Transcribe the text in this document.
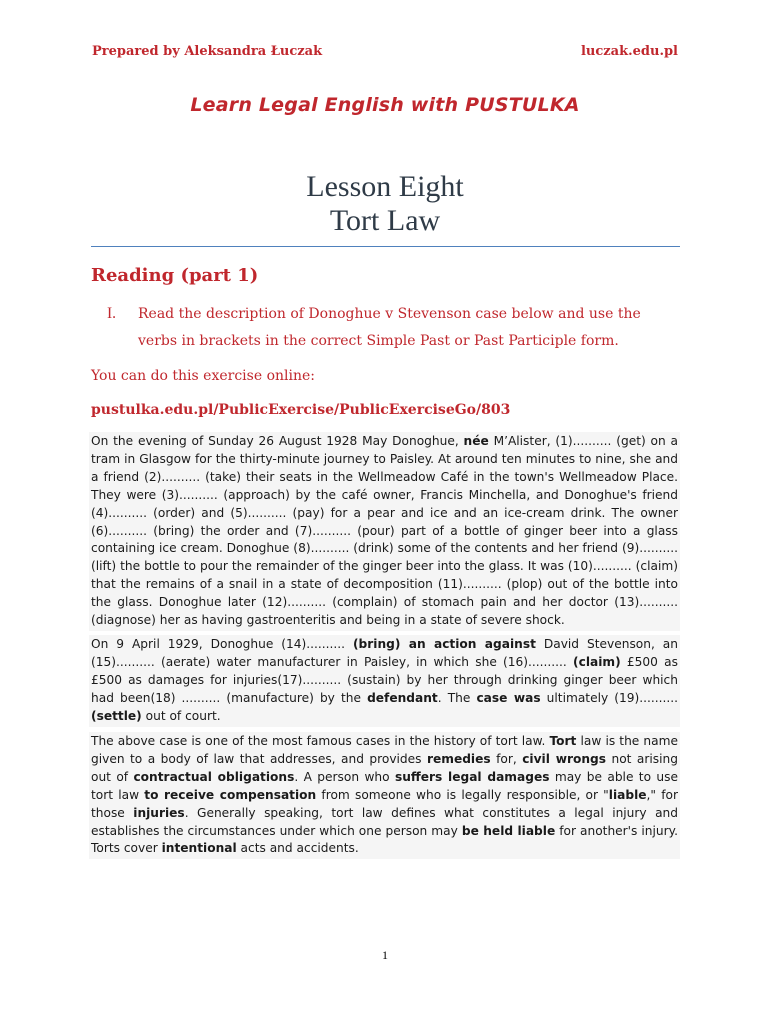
Prepared by Aleksandra Łuczak	luczak.edu.pl
Learn Legal English with PUSTULKA
Lesson Eight
Tort Law
Reading (part 1)
I. Read the description of Donoghue v Stevenson case below and use the verbs in brackets in the correct Simple Past or Past Participle form.
You can do this exercise online:
pustulka.edu.pl/PublicExercise/PublicExerciseGo/803
On the evening of Sunday 26 August 1928 May Donoghue, née M’Alister, (1).......... (get) on a tram in Glasgow for the thirty-minute journey to Paisley. At around ten minutes to nine, she and a friend (2).......... (take) their seats in the Wellmeadow Café in the town's Wellmeadow Place. They were (3).......... (approach) by the café owner, Francis Minchella, and Donoghue's friend (4).......... (order) and (5).......... (pay) for a pear and ice and an ice-cream drink. The owner (6).......... (bring) the order and (7).......... (pour) part of a bottle of ginger beer into a glass containing ice cream. Donoghue (8).......... (drink) some of the contents and her friend (9).......... (lift) the bottle to pour the remainder of the ginger beer into the glass. It was (10).......... (claim) that the remains of a snail in a state of decomposition (11).......... (plop) out of the bottle into the glass. Donoghue later (12).......... (complain) of stomach pain and her doctor (13).......... (diagnose) her as having gastroenteritis and being in a state of severe shock.
On 9 April 1929, Donoghue (14).......... (bring) an action against David Stevenson, an (15).......... (aerate) water manufacturer in Paisley, in which she (16).......... (claim) £500 as £500 as damages for injuries(17).......... (sustain) by her through drinking ginger beer which had been(18) .......... (manufacture) by the defendant. The case was ultimately (19).......... (settle) out of court.
The above case is one of the most famous cases in the history of tort law. Tort law is the name given to a body of law that addresses, and provides remedies for, civil wrongs not arising out of contractual obligations. A person who suffers legal damages may be able to use tort law to receive compensation from someone who is legally responsible, or "liable," for those injuries. Generally speaking, tort law defines what constitutes a legal injury and establishes the circumstances under which one person may be held liable for another's injury. Torts cover intentional acts and accidents.
1
